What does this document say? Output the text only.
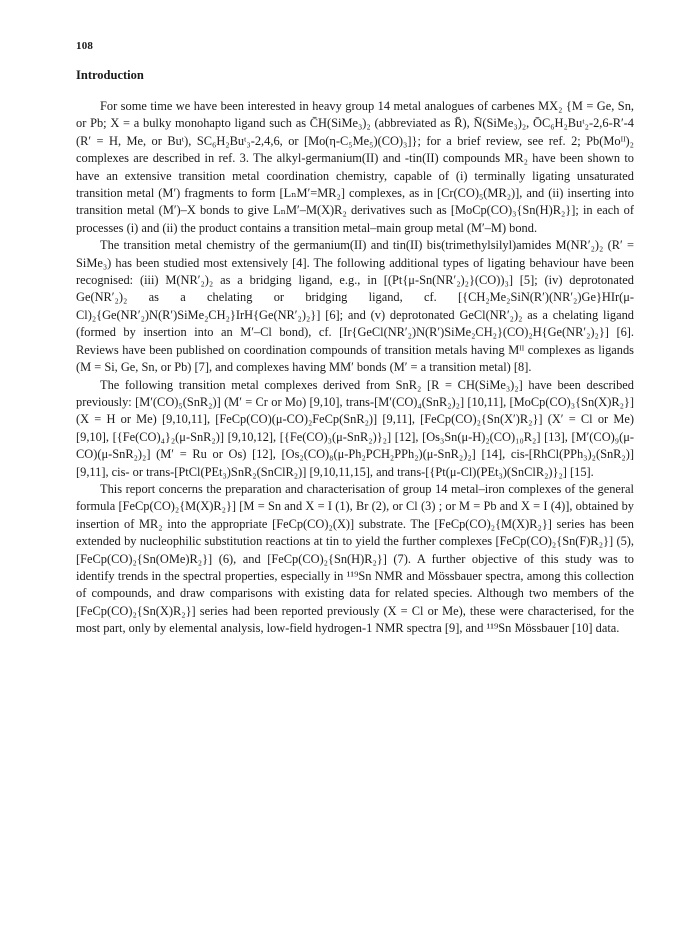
108
Introduction

For some time we have been interested in heavy group 14 metal analogues of carbenes MX₂ {M = Ge, Sn, or Pb; X = a bulky monohapto ligand such as C̄H(SiMe₃)₂ (abbreviated as R̄), N̄(SiMe₃)₂, ŌC₆H₂Buᵗ₂-2,6-R′-4 (R′ = H, Me, or Buᵗ), SC₆H₂Buᵗ₃-2,4,6, or [Mo(η-C₅Me₅)(CO)₃]}; for a brief review, see ref. 2; Pb(Moᴵᴵ)₂ complexes are described in ref. 3. The alkyl-germanium(II) and -tin(II) compounds MR₂ have been shown to have an extensive transition metal coordination chemistry, capable of (i) terminally ligating unsaturated transition metal (M′) fragments to form [LₙM′=MR₂] complexes, as in [Cr(CO)₅(MR₂)], and (ii) inserting into transition metal (M′)–X bonds to give LₙM′–M(X)R₂ derivatives such as [MoCp(CO)₃{Sn(H)R₂}]; in each of processes (i) and (ii) the product contains a transition metal–main group metal (M′–M) bond.

The transition metal chemistry of the germanium(II) and tin(II) bis(trimethylsilyl)amides M(NR′₂)₂ (R′ = SiMe₃) has been studied most extensively [4]. The following additional types of ligating behaviour have been recognised: (iii) M(NR′₂)₂ as a bridging ligand, e.g., in [(Pt{μ-Sn(NR′₂)₂}(CO))₃] [5]; (iv) deprotonated Ge(NR′₂)₂ as a chelating or bridging ligand, cf. [{CH₂Me₂SiN(R′)(NR′₂)Ge}HIr(μ-Cl)₂{Ge(NR′₂)N(R′)SiMe₂CH₂}IrH{Ge(NR′₂)₂}] [6]; and (v) deprotonated GeCl(NR′₂)₂ as a chelating ligand (formed by insertion into an M′–Cl bond), cf. [Ir{GeCl(NR′₂)N(R′)SiMe₂CH₂}(CO)₂H{Ge(NR′₂)₂}] [6]. Reviews have been published on coordination compounds of transition metals having Mᴵᴵ complexes as ligands (M = Si, Ge, Sn, or Pb) [7], and complexes having MM′ bonds (M′ = a transition metal) [8].

The following transition metal complexes derived from SnR₂ [R = CH(SiMe₃)₂] have been described previously: [M′(CO)₅(SnR₂)] (M′ = Cr or Mo) [9,10], trans-[M′(CO)₄(SnR₂)₂] [10,11], [MoCp(CO)₃{Sn(X)R₂}] (X = H or Me) [9,10,11], [FeCp(CO)(μ-CO)₂FeCp(SnR₂)] [9,11], [FeCp(CO)₂{Sn(X′)R₂}] (X′ = Cl or Me) [9,10], [{Fe(CO)₄}₂(μ-SnR₂)] [9,10,12], [{Fe(CO)₃(μ-SnR₂)}₂] [12], [Os₃Sn(μ-H)₂(CO)₁₀R₂] [13], [M′(CO)₉(μ-CO)(μ-SnR₂)₂] (M′ = Ru or Os) [12], [Os₂(CO)₈(μ-Ph₂PCH₂PPh₂)(μ-SnR₂)₂] [14], cis-[RhCl(PPh₃)₂(SnR₂)] [9,11], cis- or trans-[PtCl(PEt₃)SnR₂(SnClR₂)] [9,10,11,15], and trans-[{Pt(μ-Cl)(PEt₃)(SnClR₂)}₂] [15].

This report concerns the preparation and characterisation of group 14 metal–iron complexes of the general formula [FeCp(CO)₂{M(X)R₂}] [M = Sn and X = I (1), Br (2), or Cl (3) ; or M = Pb and X = I (4)], obtained by insertion of MR₂ into the appropriate [FeCp(CO)₂(X)] substrate. The [FeCp(CO)₂{M(X)R₂}] series has been extended by nucleophilic substitution reactions at tin to yield the further complexes [FeCp(CO)₂{Sn(F)R₂}] (5), [FeCp(CO)₂{Sn(OMe)R₂}] (6), and [FeCp(CO)₂{Sn(H)R₂}] (7). A further objective of this study was to identify trends in the spectral properties, especially in ¹¹⁹Sn NMR and Mössbauer spectra, among this collection of compounds, and draw comparisons with existing data for related species. Although two members of the [FeCp(CO)₂{Sn(X)R₂}] series had been reported previously (X = Cl or Me), these were characterised, for the most part, only by elemental analysis, low-field hydrogen-1 NMR spectra [9], and ¹¹⁹Sn Mössbauer [10] data.
